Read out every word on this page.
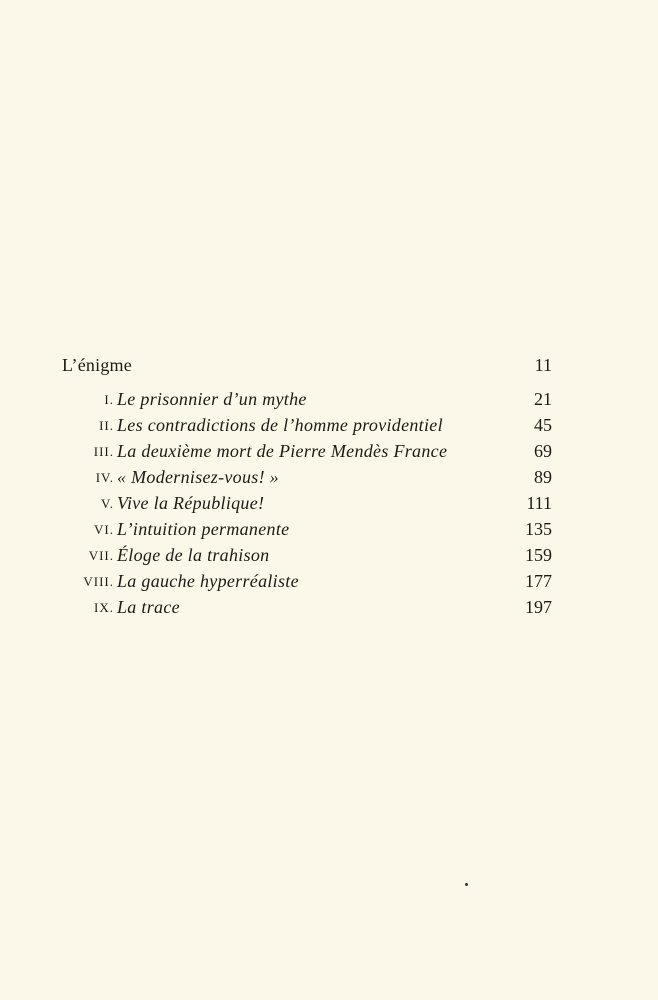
L’énigme	11
I. Le prisonnier d’un mythe	21
II. Les contradictions de l’homme providentiel	45
III. La deuxième mort de Pierre Mendès France	69
IV. « Modernisez-vous! »	89
V. Vive la République!	111
VI. L’intuition permanente	135
VII. Éloge de la trahison	159
VIII. La gauche hyperréaliste	177
IX. La trace	197
